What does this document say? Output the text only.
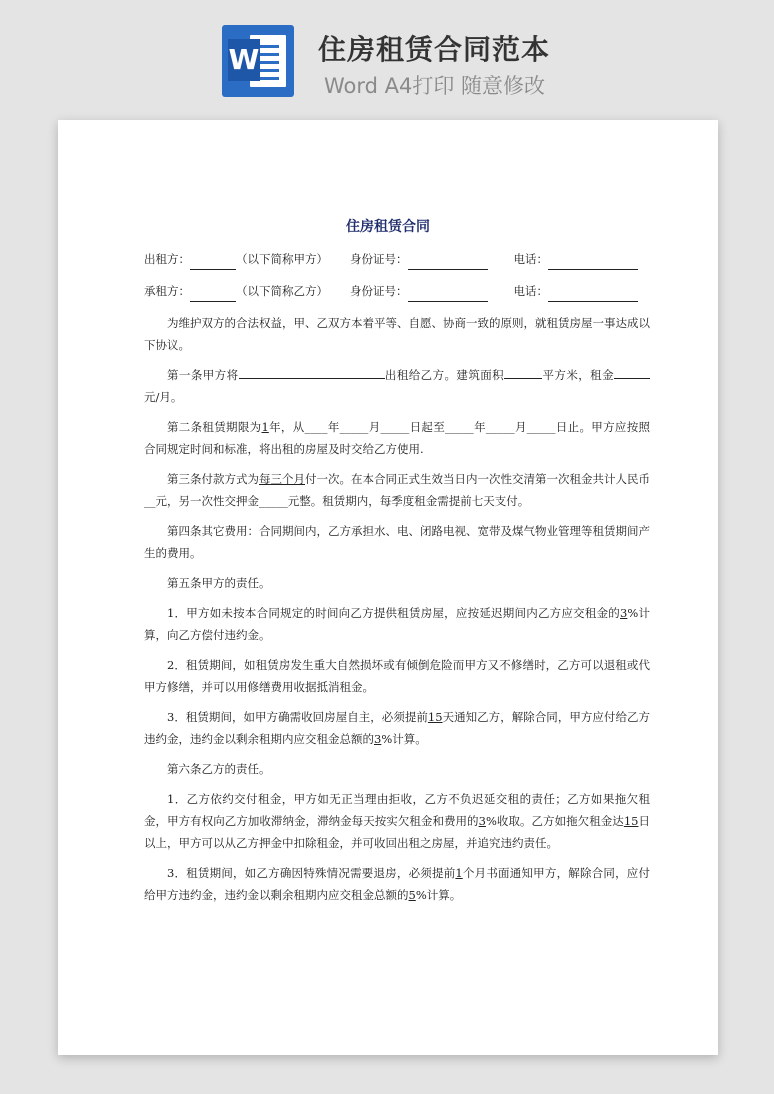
W 住房租赁合同范本
Word A4打印 随意修改
住房租赁合同
出租方：	（以下简称甲方） 身份证号：	电话：
承租方：	（以下简称乙方） 身份证号：	电话：

为维护双方的合法权益，甲、乙双方本着平等、自愿、协商一致的原则，就租赁房屋一事达成以下协议。

第一条甲方将	出租给乙方。建筑面积	平方米，租金元/月。

第二条租赁期限为1年，从____年_____月_____日起至_____年_____月_____日止。甲方应按照合同规定时间和标准，将出租的房屋及时交给乙方使用.

第三条付款方式为每三个月付一次。在本合同正式生效当日内一次性交清第一次租金共计人民币__元，另一次性交押金_____元整。租赁期内，每季度租金需提前七天支付。

第四条其它费用：合同期间内，乙方承担水、电、闭路电视、宽带及煤气物业管理等租赁期间产生的费用。

第五条甲方的责任。

1．甲方如未按本合同规定的时间向乙方提供租赁房屋，应按延迟期间内乙方应交租金的3%计算，向乙方偿付违约金。

2．租赁期间，如租赁房发生重大自然损坏或有倾倒危险而甲方又不修缮时，乙方可以退租或代甲方修缮，并可以用修缮费用收据抵消租金。

3．租赁期间，如甲方确需收回房屋自主，必须提前15天通知乙方，解除合同，甲方应付给乙方违约金，违约金以剩余租期内应交租金总额的3%计算。

第六条乙方的责任。

1．乙方依约交付租金，甲方如无正当理由拒收，乙方不负迟延交租的责任；乙方如果拖欠租金，甲方有权向乙方加收滞纳金，滞纳金每天按实欠租金和费用的3%收取。乙方如拖欠租金达15日以上，甲方可以从乙方押金中扣除租金，并可收回出租之房屋，并追究违约责任。

3．租赁期间，如乙方确因特殊情况需要退房，必须提前1个月书面通知甲方，解除合同，应付给甲方违约金，违约金以剩余租期内应交租金总额的5%计算。
